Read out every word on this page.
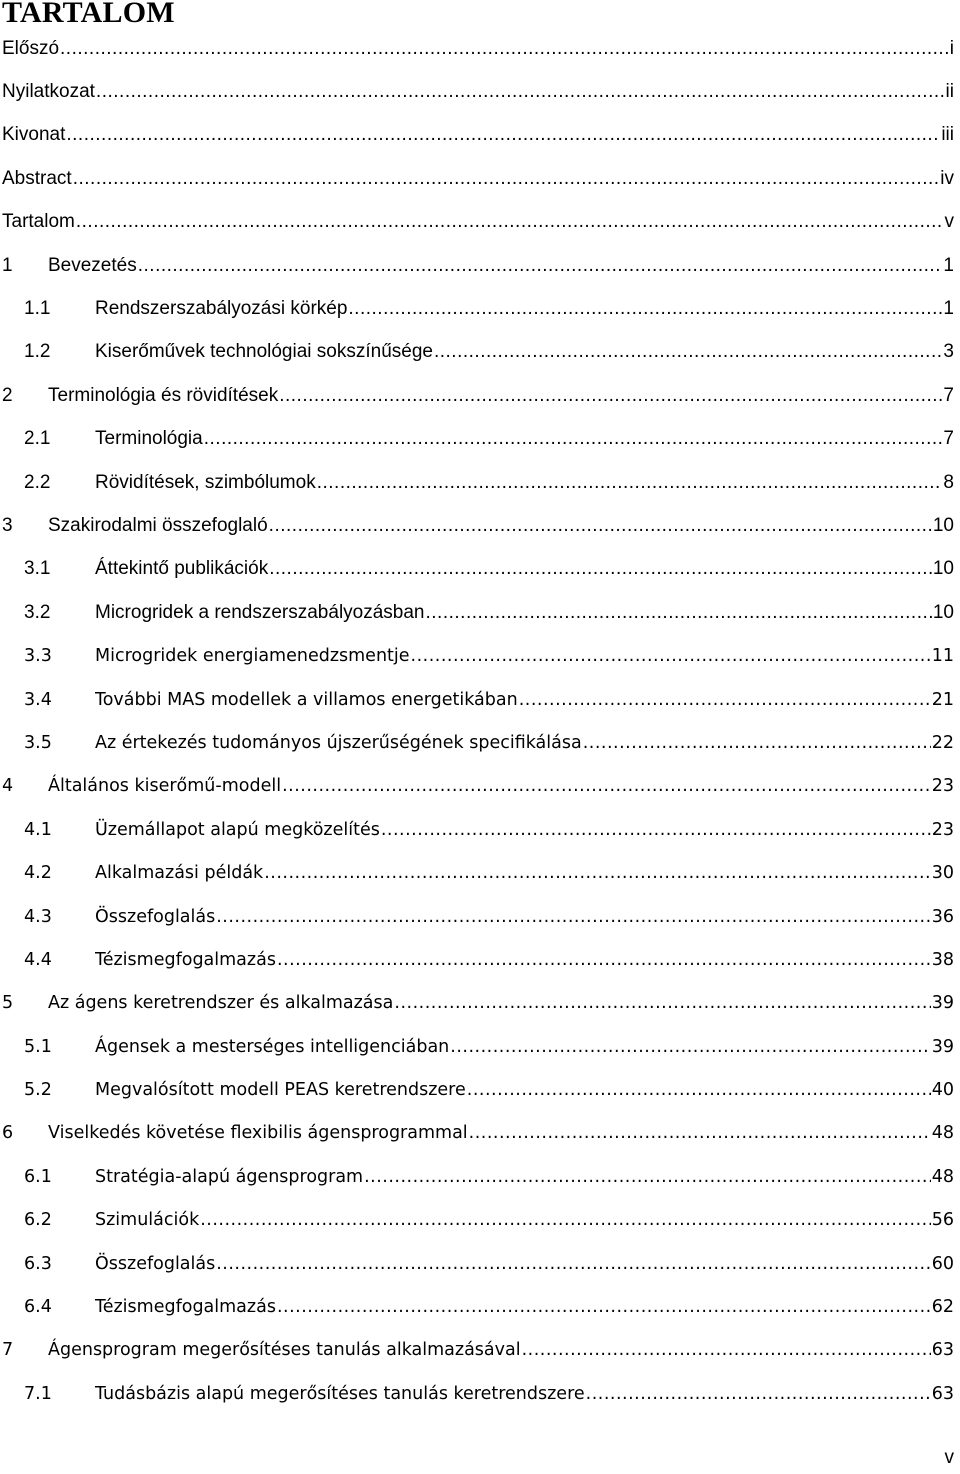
TARTALOM
Előszó .....	i
Nyilatkozat .....	ii
Kivonat .....	iii
Abstract .....	iv
Tartalom .....	v
1 Bevezetés .....	1
1.1 Rendszerszabályozási körkép .....	1
1.2 Kiserőművek technológiai sokszínűsége .....	3
2 Terminológia és rövidítések .....	7
2.1 Terminológia .....	7
2.2 Rövidítések, szimbólumok .....	8
3 Szakirodalmi összefoglaló .....	10
3.1 Áttekintő publikációk .....	10
3.2 Microgridek a rendszerszabályozásban .....	10
3.3 Microgridek energiamenedzsmentje .....	11
3.4 További MAS modellek a villamos energetikában .....	21
3.5 Az értekezés tudományos újszerűségének specifikálása .....	22
4 Általános kiserőmű-modell .....	23
4.1 Üzemállapot alapú megközelítés .....	23
4.2 Alkalmazási példák .....	30
4.3 Összefoglalás .....	36
4.4 Tézismegfogalmazás .....	38
5 Az ágens keretrendszer és alkalmazása .....	39
5.1 Ágensek a mesterséges intelligenciában .....	39
5.2 Megvalósított modell PEAS keretrendszere .....	40
6 Viselkedés követése flexibilis ágensprogrammal .....	48
6.1 Stratégia-alapú ágensprogram .....	48
6.2 Szimulációk .....	56
6.3 Összefoglalás .....	60
6.4 Tézismegfogalmazás .....	62
7 Ágensprogram megerősítéses tanulás alkalmazásával .....	63
7.1 Tudásbázis alapú megerősítéses tanulás keretrendszere .....	63
v
